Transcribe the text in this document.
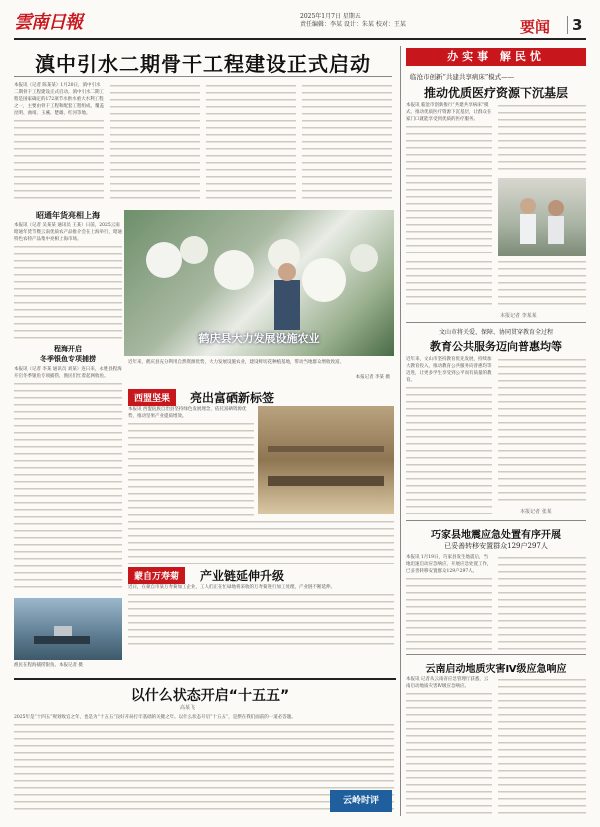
雲南日報	2025年1月7日 星期五
责任编辑：李某 设计：朱某 校对：王某	要闻	3
滇中引水二期骨干工程建设正式启动
本报讯（记者 陈某某）1月20日，滇中引水二期骨干工程建设正式启动。滇中引水二期工程是国家确定的172项节水供水重大水利工程之一，主要由骨干工程和配套工程组成，覆盖昆明、曲靖、玉溪、楚雄、红河等地。
昭通年货亮相上海
本报讯（记者 吴某某 通讯员 王某）日前，2025云南昭通年货节暨云南优质农产品推介会在上海举行，昭通特色农特产品集中亮相上海市场。
程海开启
冬季银鱼专项捕捞
本报讯（记者 李某 通讯员 刘某）连日来，永胜县程海开启冬季银鱼专项捕捞，渔民们忙着起网收鱼。
渔民在程海捕捞银鱼。本报记者 摄
鹤庆县大力发展设施农业
近年来，鹤庆县充分利用自然资源优势，大力发展设施农业，建设鲜切花种植基地，带动当地群众增收致富。
本报记者 李某 摄
西盟坚果	亮出富硒新标签
本报讯 西盟佤族自治县坚持绿色发展理念，依托富硒资源优势，推动坚果产业提质增效。
蒙自万寿菊	产业链延伸升级
近日，在蒙自市某万寿菊加工企业，工人们正在忙碌地将采收的万寿菊进行加工处理，产业链不断延伸。
以什么状态开启“十五五”
高某飞
2025年是“十四五”规划收官之年，也是为“十五五”良好开局打牢基础的关键之年。以什么状态开启“十五五”，是摆在我们面前的一道必答题。
云岭时评
办实事 解民忧
临沧市创新“共建共享病床”模式——
推动优质医疗资源下沉基层
本报讯 临沧市创新推行“共建共享病床”模式，推动优质医疗资源下沉基层，让群众在家门口就能享受到优质的医疗服务。
本报记者 李某某
文山市将关爱、保障、协同贯穿教育全过程
教育公共服务迈向普惠均等
近年来，文山市坚持教育优先发展，持续加大教育投入，推动教育公共服务向普惠均等迈进，让更多学生享受到公平而有质量的教育。
本报记者 张某
巧家县地震应急处置有序开展
已妥善转移安置群众129户297人
本报讯 1月19日，巧家县发生地震后，当地迅速启动应急响应，开展应急处置工作，已妥善转移安置群众129户297人。
云南启动地质灾害Ⅳ级应急响应
本报讯 记者从云南省应急管理厅获悉，云南启动地质灾害Ⅳ级应急响应。
